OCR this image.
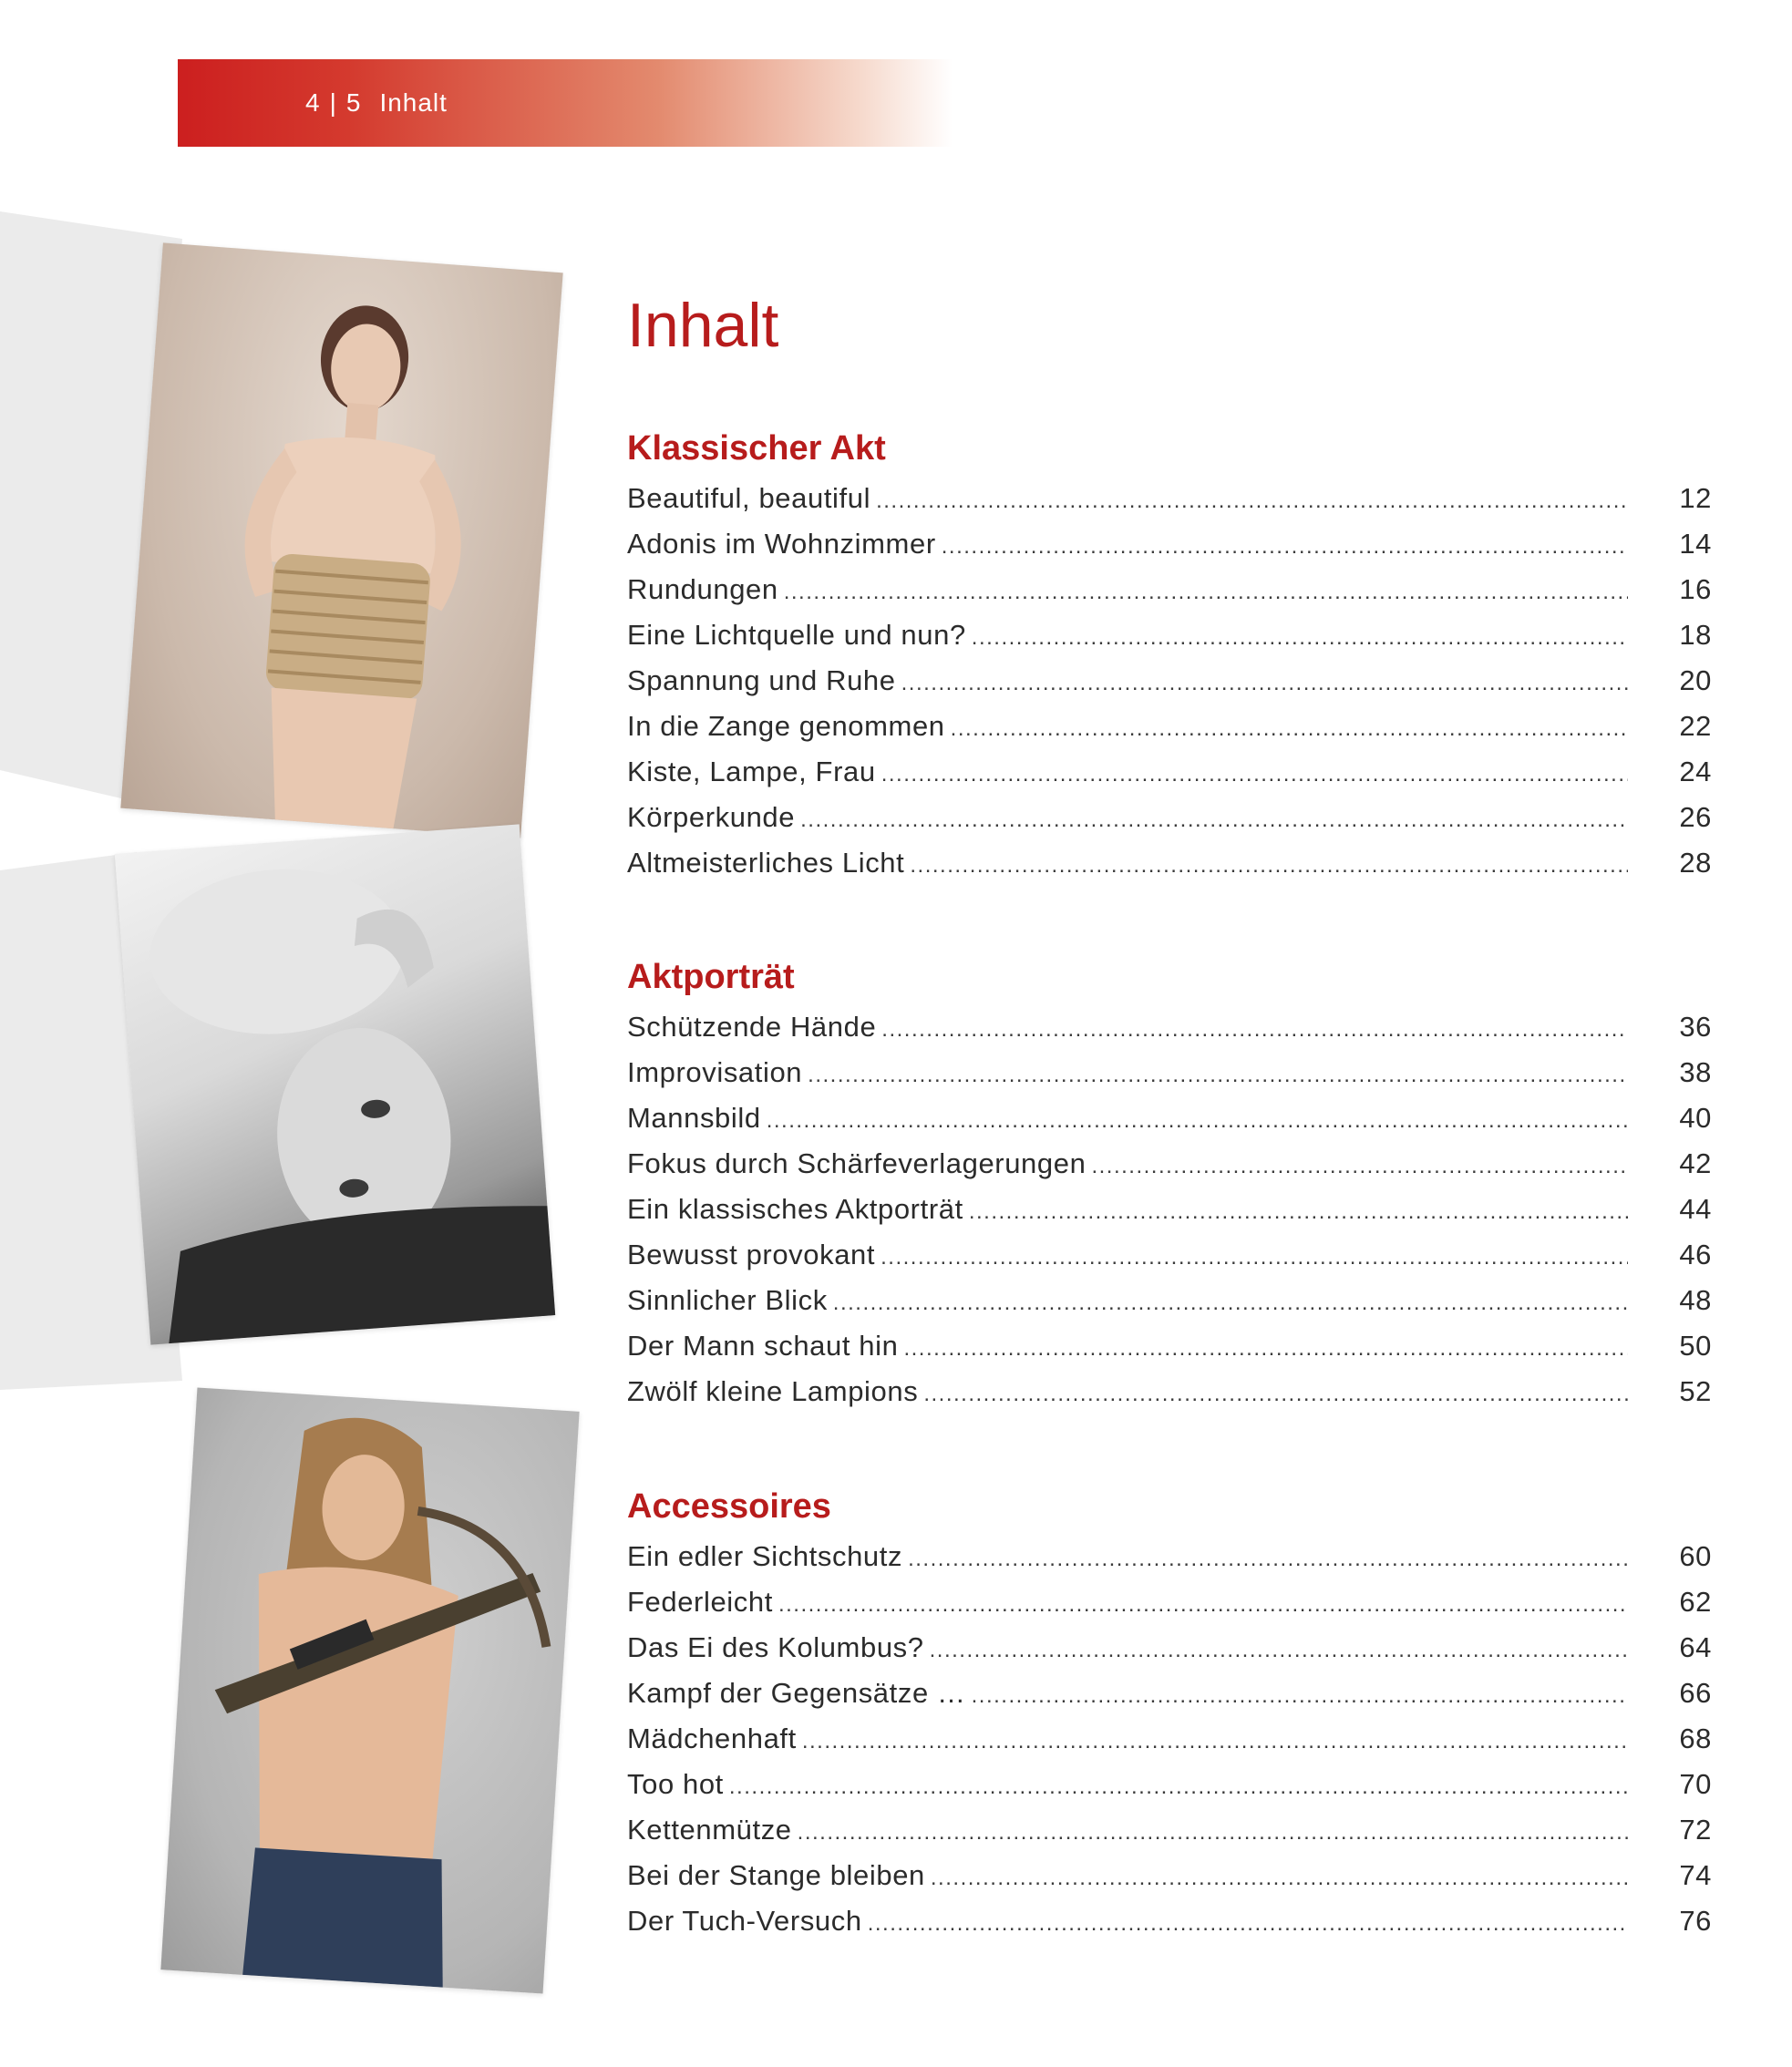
4 | 5 Inhalt
Inhalt
Klassischer Akt
Beautiful, beautiful .....	12
Adonis im Wohnzimmer .....	14
Rundungen .....	16
Eine Lichtquelle und nun? .....	18
Spannung und Ruhe .....	20
In die Zange genommen .....	22
Kiste, Lampe, Frau .....	24
Körperkunde .....	26
Altmeisterliches Licht .....	28
Aktporträt
Schützende Hände .....	36
Improvisation .....	38
Mannsbild .....	40
Fokus durch Schärfeverlagerungen .....	42
Ein klassisches Aktporträt .....	44
Bewusst provokant .....	46
Sinnlicher Blick .....	48
Der Mann schaut hin .....	50
Zwölf kleine Lampions .....	52
Accessoires
Ein edler Sichtschutz .....	60
Federleicht .....	62
Das Ei des Kolumbus? .....	64
Kampf der Gegensätze … .....	66
Mädchenhaft .....	68
Too hot .....	70
Kettenmütze .....	72
Bei der Stange bleiben .....	74
Der Tuch-Versuch .....	76
